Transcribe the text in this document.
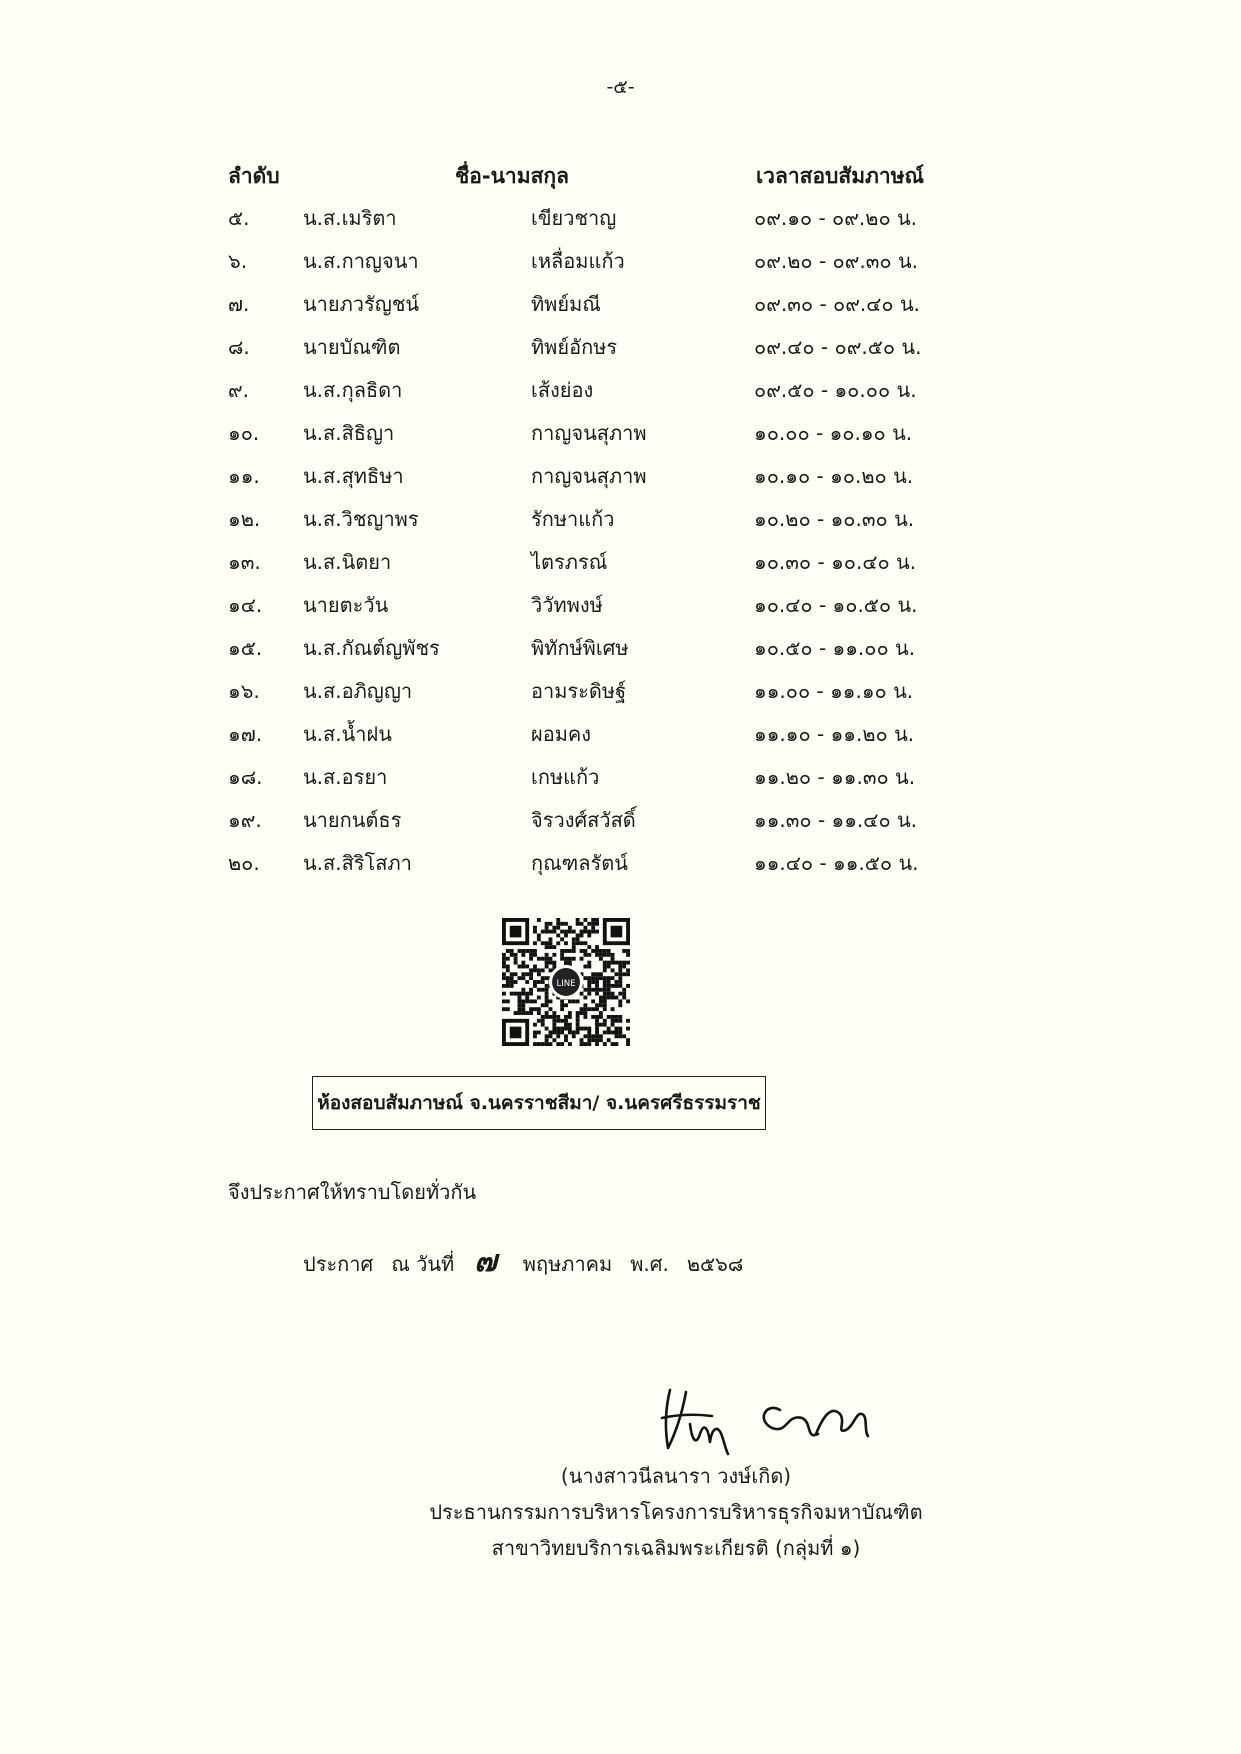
-๕-
ลำดับ	ชื่อ-นามสกุล	เวลาสอบสัมภาษณ์
๕.	น.ส.เมริตา	เขียวชาญ	๐๙.๑๐ - ๐๙.๒๐ น.
๖.	น.ส.กาญจนา	เหลื่อมแก้ว	๐๙.๒๐ - ๐๙.๓๐ น.
๗.	นายภวรัญชน์	ทิพย์มณี	๐๙.๓๐ - ๐๙.๔๐ น.
๘.	นายบัณฑิต	ทิพย์อักษร	๐๙.๔๐ - ๐๙.๕๐ น.
๙.	น.ส.กุลธิดา	เส้งย่อง	๐๙.๕๐ - ๑๐.๐๐ น.
๑๐. น.ส.สิธิญา	กาญจนสุภาพ	๑๐.๐๐ - ๑๐.๑๐ น.
๑๑. น.ส.สุทธิษา	กาญจนสุภาพ	๑๐.๑๐ - ๑๐.๒๐ น.
๑๒. น.ส.วิชญาพร	รักษาแก้ว	๑๐.๒๐ - ๑๐.๓๐ น.
๑๓. น.ส.นิตยา	ไตรภรณ์	๑๐.๓๐ - ๑๐.๔๐ น.
๑๔. นายตะวัน	วิวัทพงษ์	๑๐.๔๐ - ๑๐.๕๐ น.
๑๕. น.ส.กัณต์ญพัชร	พิทักษ์พิเศษ	๑๐.๕๐ - ๑๑.๐๐ น.
๑๖. น.ส.อภิญญา	อามระดิษฐ์	๑๑.๐๐ - ๑๑.๑๐ น.
๑๗. น.ส.น้ำฝน	ผอมคง	๑๑.๑๐ - ๑๑.๒๐ น.
๑๘. น.ส.อรยา	เกษแก้ว	๑๑.๒๐ - ๑๑.๓๐ น.
๑๙. นายกนต์ธร	จิรวงศ์สวัสดิ์	๑๑.๓๐ - ๑๑.๔๐ น.
๒๐. น.ส.สิริโสภา	กุณฑลรัตน์	๑๑.๔๐ - ๑๑.๕๐ น.
LINE
ห้องสอบสัมภาษณ์ จ.นครราชสีมา/ จ.นครศรีธรรมราช
จึงประกาศให้ทราบโดยทั่วกัน
ประกาศ ณ วันที่ ๗ พฤษภาคม พ.ศ. ๒๕๖๘
(นางสาวนีลนารา วงษ์เกิด)
ประธานกรรมการบริหารโครงการบริหารธุรกิจมหาบัณฑิต
สาขาวิทยบริการเฉลิมพระเกียรติ (กลุ่มที่ ๑)
